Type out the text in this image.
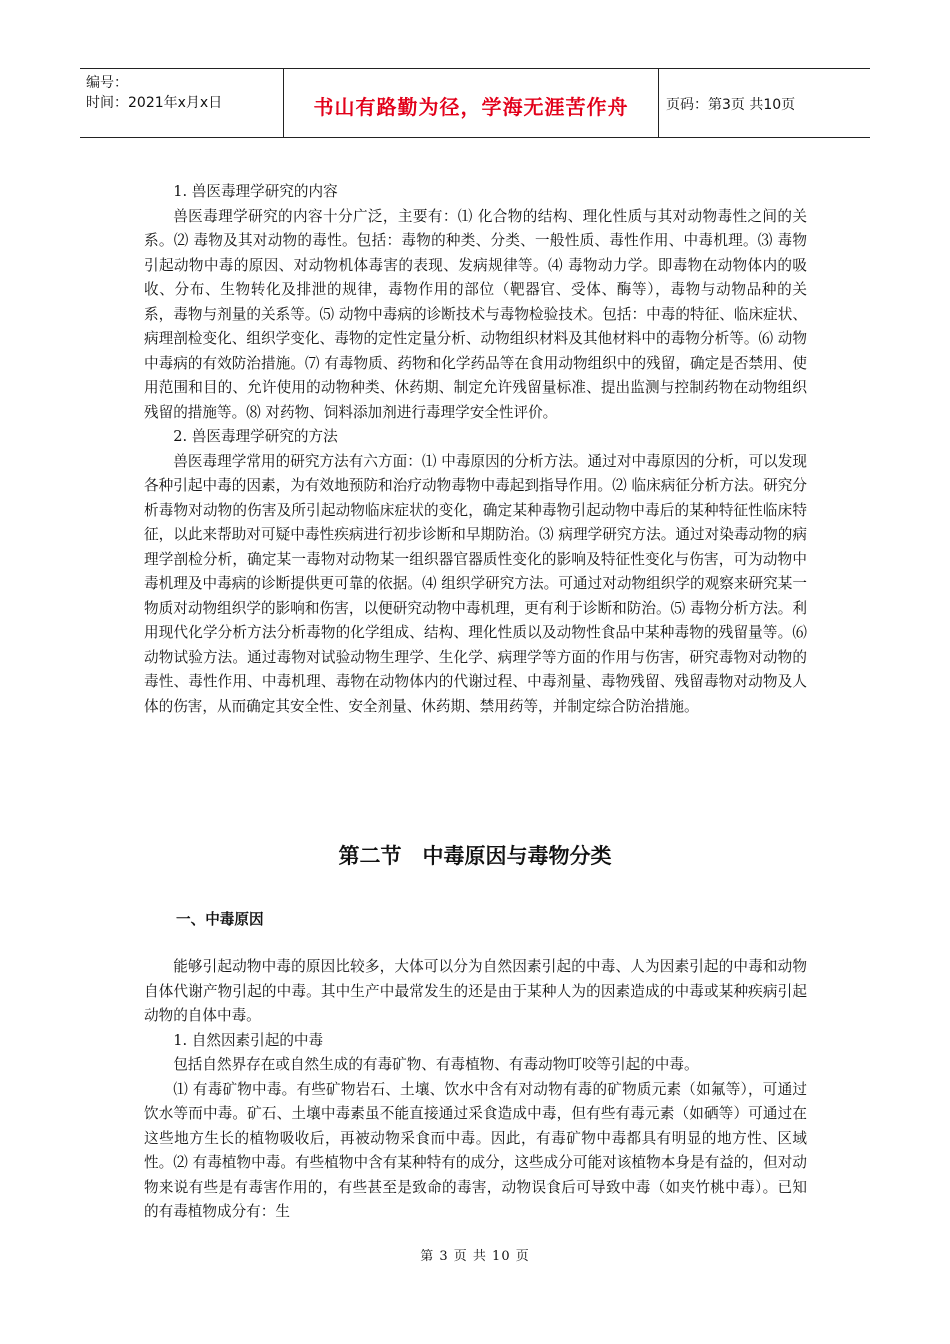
编号：
时间：2021年x月x日	书山有路勤为径，学海无涯苦作舟	页码：第3页 共10页

1. 兽医毒理学研究的内容

兽医毒理学研究的内容十分广泛，主要有：⑴ 化合物的结构、理化性质与其对动物毒性之间的关系。⑵ 毒物及其对动物的毒性。包括：毒物的种类、分类、一般性质、毒性作用、中毒机理。⑶ 毒物引起动物中毒的原因、对动物机体毒害的表现、发病规律等。⑷ 毒物动力学。即毒物在动物体内的吸收、分布、生物转化及排泄的规律，毒物作用的部位（靶器官、受体、酶等），毒物与动物品种的关系，毒物与剂量的关系等。⑸ 动物中毒病的诊断技术与毒物检验技术。包括：中毒的特征、临床症状、病理剖检变化、组织学变化、毒物的定性定量分析、动物组织材料及其他材料中的毒物分析等。⑹ 动物中毒病的有效防治措施。⑺ 有毒物质、药物和化学药品等在食用动物组织中的残留，确定是否禁用、使用范围和目的、允许使用的动物种类、休药期、制定允许残留量标准、提出监测与控制药物在动物组织残留的措施等。⑻ 对药物、饲料添加剂进行毒理学安全性评价。

2. 兽医毒理学研究的方法

兽医毒理学常用的研究方法有六方面：⑴ 中毒原因的分析方法。通过对中毒原因的分析，可以发现各种引起中毒的因素，为有效地预防和治疗动物毒物中毒起到指导作用。⑵ 临床病征分析方法。研究分析毒物对动物的伤害及所引起动物临床症状的变化，确定某种毒物引起动物中毒后的某种特征性临床特征，以此来帮助对可疑中毒性疾病进行初步诊断和早期防治。⑶ 病理学研究方法。通过对染毒动物的病理学剖检分析，确定某一毒物对动物某一组织器官器质性变化的影响及特征性变化与伤害，可为动物中毒机理及中毒病的诊断提供更可靠的依据。⑷ 组织学研究方法。可通过对动物组织学的观察来研究某一物质对动物组织学的影响和伤害，以便研究动物中毒机理，更有利于诊断和防治。⑸ 毒物分析方法。利用现代化学分析方法分析毒物的化学组成、结构、理化性质以及动物性食品中某种毒物的残留量等。⑹ 动物试验方法。通过毒物对试验动物生理学、生化学、病理学等方面的作用与伤害，研究毒物对动物的毒性、毒性作用、中毒机理、毒物在动物体内的代谢过程、中毒剂量、毒物残留、残留毒物对动物及人体的伤害，从而确定其安全性、安全剂量、休药期、禁用药等，并制定综合防治措施。

第二节　中毒原因与毒物分类
一、中毒原因

能够引起动物中毒的原因比较多，大体可以分为自然因素引起的中毒、人为因素引起的中毒和动物自体代谢产物引起的中毒。其中生产中最常发生的还是由于某种人为的因素造成的中毒或某种疾病引起动物的自体中毒。

1. 自然因素引起的中毒

包括自然界存在或自然生成的有毒矿物、有毒植物、有毒动物叮咬等引起的中毒。

⑴ 有毒矿物中毒。有些矿物岩石、土壤、饮水中含有对动物有毒的矿物质元素（如氟等），可通过饮水等而中毒。矿石、土壤中毒素虽不能直接通过采食造成中毒，但有些有毒元素（如硒等）可通过在这些地方生长的植物吸收后，再被动物采食而中毒。因此，有毒矿物中毒都具有明显的地方性、区域性。⑵ 有毒植物中毒。有些植物中含有某种特有的成分，这些成分可能对该植物本身是有益的，但对动物来说有些是有毒害作用的，有些甚至是致命的毒害，动物误食后可导致中毒（如夹竹桃中毒）。已知的有毒植物成分有：生

第 3 页 共 10 页
